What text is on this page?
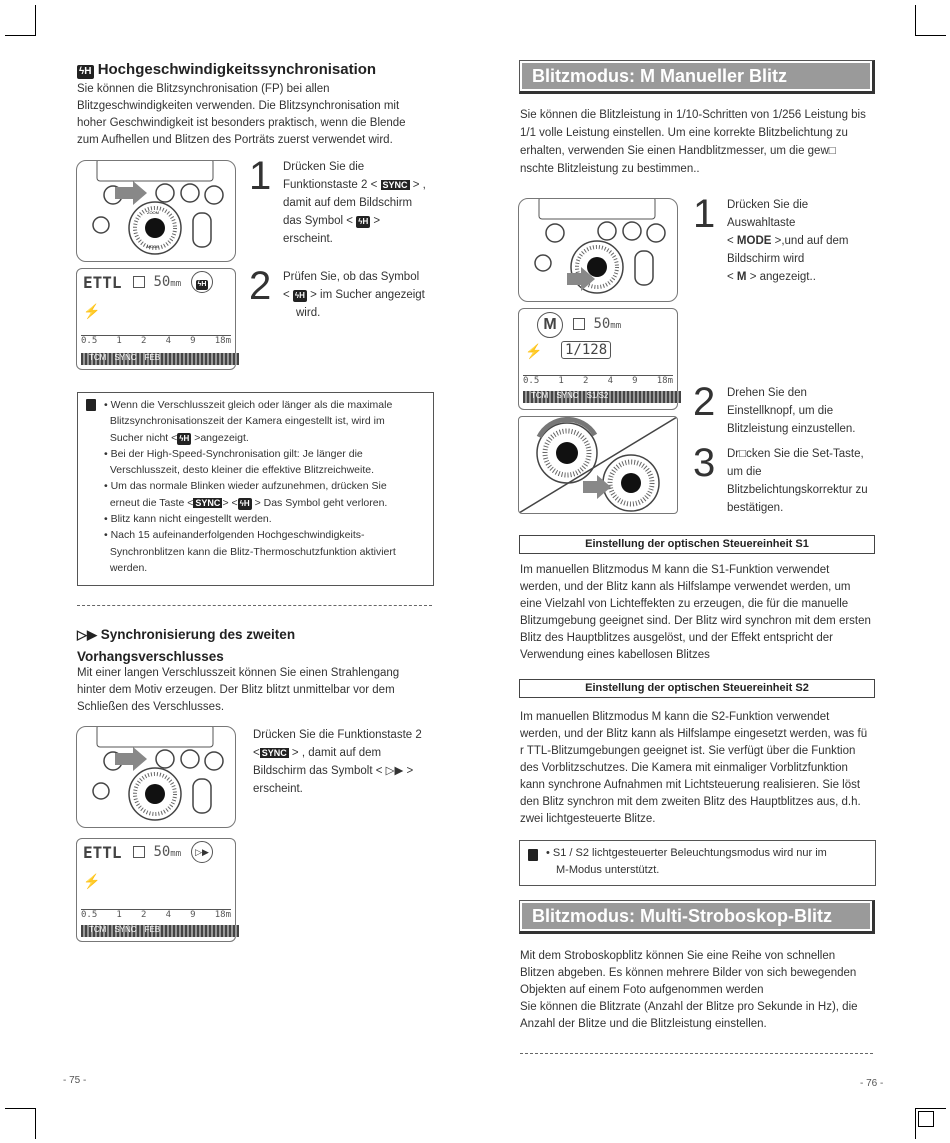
ϟH Hochgeschwindigkeitssynchronisation
Sie können die Blitzsynchronisation (FP) bei allen
Blitzgeschwindigkeiten verwenden. Die Blitzsynchronisation mit
hoher Geschwindigkeit ist besonders praktisch, wenn die Blende
zum Aufhellen und Blitzen des Porträts zuerst verwendet wird.
ZOOM
MODE
1 Drücken Sie die
Funktionstaste 2 < SYNC > ,
damit auf dem Bildschirm
das Symbol < ϟH >
erscheint.
ETTL	50mm	ϟH
⚡
0.5 1 2 4 9 18m
TCM SYNC FEB
2 Prüfen Sie, ob das Symbol
< ϟH > im Sucher angezeigt
wird.
• Wenn die Verschlusszeit gleich oder länger als die maximale
Blitzsynchronisationszeit der Kamera eingestellt ist, wird im
Sucher nicht < ϟH >angezeigt.
• Bei der High-Speed-Synchronisation gilt: Je länger die
Verschlusszeit, desto kleiner die effektive Blitzreichweite.
• Um das normale Blinken wieder aufzunehmen, drücken Sie
erneut die Taste < SYNC > < ϟH > Das Symbol geht verloren.
• Blitz kann nicht eingestellt werden.
• Nach 15 aufeinanderfolgenden Hochgeschwindigkeits-
Synchronblitzen kann die Blitz-Thermoschutzfunktion aktiviert
werden.
▷▶ Synchronisierung des zweiten
Vorhangsverschlusses
Mit einer langen Verschlusszeit können Sie einen Strahlengang
hinter dem Motiv erzeugen. Der Blitz blitzt unmittelbar vor dem
Schließen des Verschlusses.
Drücken Sie die Funktionstaste 2
< SYNC > , damit auf dem
Bildschirm das Symbolt < ▷▶ >
erscheint.
ETTL	50mm	▷▶
⚡
0.5 1 2 4 9 18m
TCM SYNC FEB
- 75 -
Blitzmodus: M Manueller Blitz
Sie können die Blitzleistung in 1/10-Schritten von 1/256 Leistung bis
1/1 volle Leistung einstellen. Um eine korrekte Blitzbelichtung zu
erhalten, verwenden Sie einen Handblitzmesser, um die gew□
nschte Blitzleistung zu bestimmen..
1 Drücken Sie die
Auswahltaste
< MODE >,und auf dem
Bildschirm wird
< M > angezeigt..
M	50mm
⚡ 1/128
0.5 1 2 4 9 18m
TCM SYNC S1/S2 2 Drehen Sie den
Einstellknopf, um die
Blitzleistung einzustellen.
3 Dr□cken Sie die Set-Taste,
um die
Blitzbelichtungskorrektur zu
bestätigen.
Einstellung der optischen Steuereinheit S1
Im manuellen Blitzmodus M kann die S1-Funktion verwendet
werden, und der Blitz kann als Hilfslampe verwendet werden, um
eine Vielzahl von Lichteffekten zu erzeugen, die für die manuelle
Blitzumgebung geeignet sind. Der Blitz wird synchron mit dem ersten
Blitz des Hauptblitzes ausgelöst, und der Effekt entspricht der
Verwendung eines kabellosen Blitzes
Einstellung der optischen Steuereinheit S2
Im manuellen Blitzmodus M kann die S2-Funktion verwendet
werden, und der Blitz kann als Hilfslampe eingesetzt werden, was fü
r TTL-Blitzumgebungen geeignet ist. Sie verfügt über die Funktion
des Vorblitzschutzes. Die Kamera mit einmaliger Vorblitzfunktion
kann synchrone Aufnahmen mit Lichtsteuerung realisieren. Sie löst
den Blitz synchron mit dem zweiten Blitz des Hauptblitzes aus, d.h.
zwei lichtgesteuerte Blitze.
• S1 / S2 lichtgesteuerter Beleuchtungsmodus wird nur im
M-Modus unterstützt.
Blitzmodus: Multi-Stroboskop-Blitz
Mit dem Stroboskopblitz können Sie eine Reihe von schnellen
Blitzen abgeben. Es können mehrere Bilder von sich bewegenden
Objekten auf einem Foto aufgenommen werden
Sie können die Blitzrate (Anzahl der Blitze pro Sekunde in Hz), die
Anzahl der Blitze und die Blitzleistung einstellen.
- 76 -
